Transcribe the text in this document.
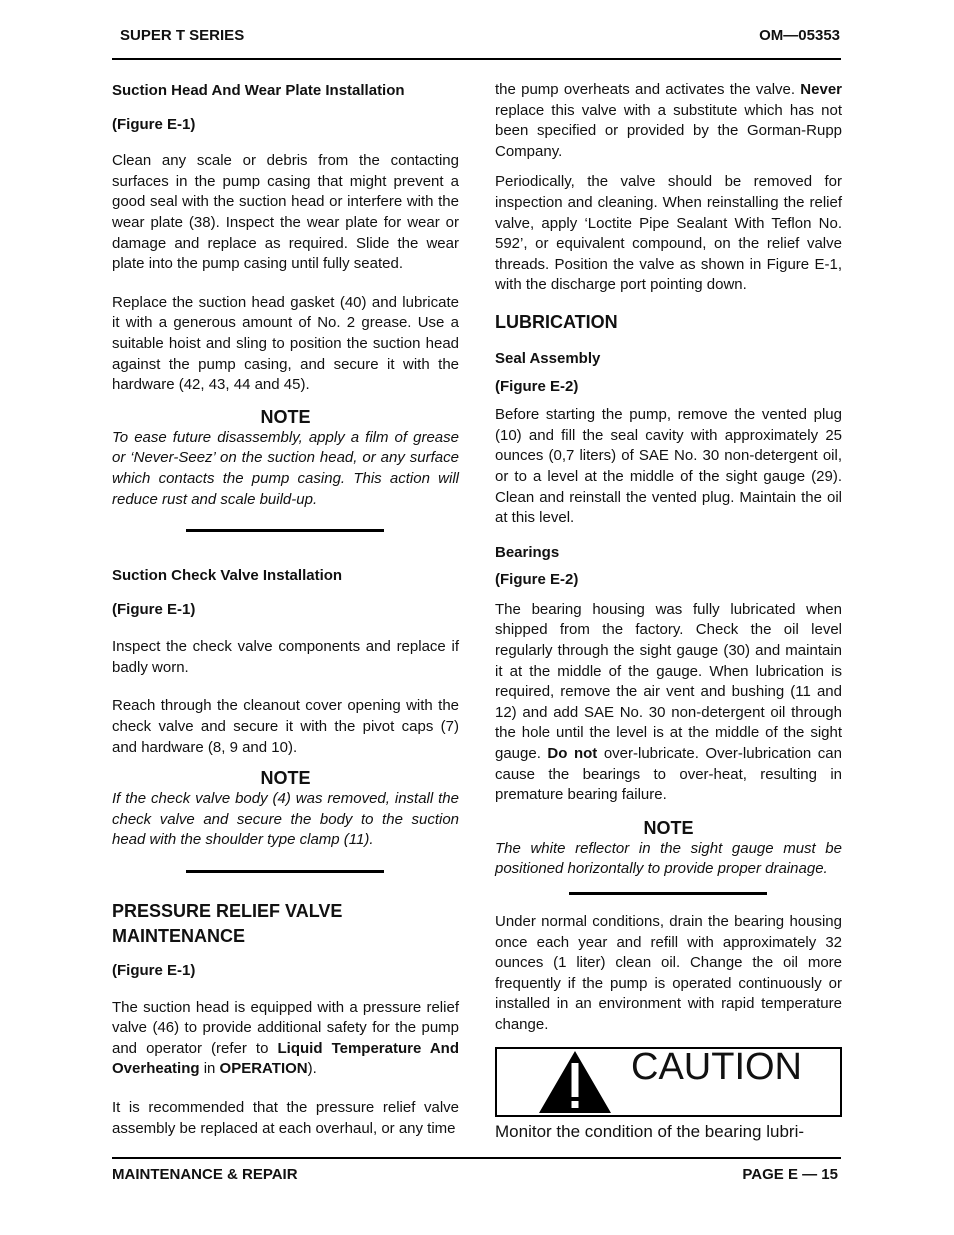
SUPER T SERIES	OM—05353
Suction Head And Wear Plate Installation
(Figure E-1)

Clean any scale or debris from the contacting surfaces in the pump casing that might prevent a good seal with the suction head or interfere with the wear plate (38). Inspect the wear plate for wear or damage and replace as required. Slide the wear plate into the pump casing until fully seated.

Replace the suction head gasket (40) and lubricate it with a generous amount of No. 2 grease. Use a suitable hoist and sling to position the suction head against the pump casing, and secure it with the hardware (42, 43, 44 and 45).

NOTE

To ease future disassembly, apply a film of grease or ‘Never-Seez’ on the suction head, or any surface which contacts the pump casing. This action will reduce rust and scale build-up.

Suction Check Valve Installation
(Figure E-1)

Inspect the check valve components and replace if badly worn.

Reach through the cleanout cover opening with the check valve and secure it with the pivot caps (7) and hardware (8, 9 and 10).

NOTE

If the check valve body (4) was removed, install the check valve and secure the body to the suction head with the shoulder type clamp (11).

PRESSURE RELIEF VALVE
MAINTENANCE
(Figure E-1)

The suction head is equipped with a pressure relief valve (46) to provide additional safety for the pump and operator (refer to Liquid Temperature And Overheating in OPERATION).

It is recommended that the pressure relief valve assembly be replaced at each overhaul, or any time

the pump overheats and activates the valve. Never replace this valve with a substitute which has not been specified or provided by the Gorman-Rupp Company.

Periodically, the valve should be removed for inspection and cleaning. When reinstalling the relief valve, apply ‘Loctite Pipe Sealant With Teflon No. 592’, or equivalent compound, on the relief valve threads. Position the valve as shown in Figure E-1, with the discharge port pointing down.

LUBRICATION
Seal Assembly
(Figure E-2)

Before starting the pump, remove the vented plug (10) and fill the seal cavity with approximately 25 ounces (0,7 liters) of SAE No. 30 non-detergent oil, or to a level at the middle of the sight gauge (29). Clean and reinstall the vented plug. Maintain the oil at this level.

Bearings
(Figure E-2)

The bearing housing was fully lubricated when shipped from the factory. Check the oil level regularly through the sight gauge (30) and maintain it at the middle of the gauge. When lubrication is required, remove the air vent and bushing (11 and 12) and add SAE No. 30 non-detergent oil through the hole until the level is at the middle of the sight gauge. Do not over-lubricate. Over-lubrication can cause the bearings to over-heat, resulting in premature bearing failure.

NOTE

The white reflector in the sight gauge must be positioned horizontally to provide proper drainage.

Under normal conditions, drain the bearing housing once each year and refill with approximately 32 ounces (1 liter) clean oil. Change the oil more frequently if the pump is operated continuously or installed in an environment with rapid temperature change.

CAUTION
Monitor the condition of the bearing lubri-
MAINTENANCE & REPAIR	PAGE E — 15
